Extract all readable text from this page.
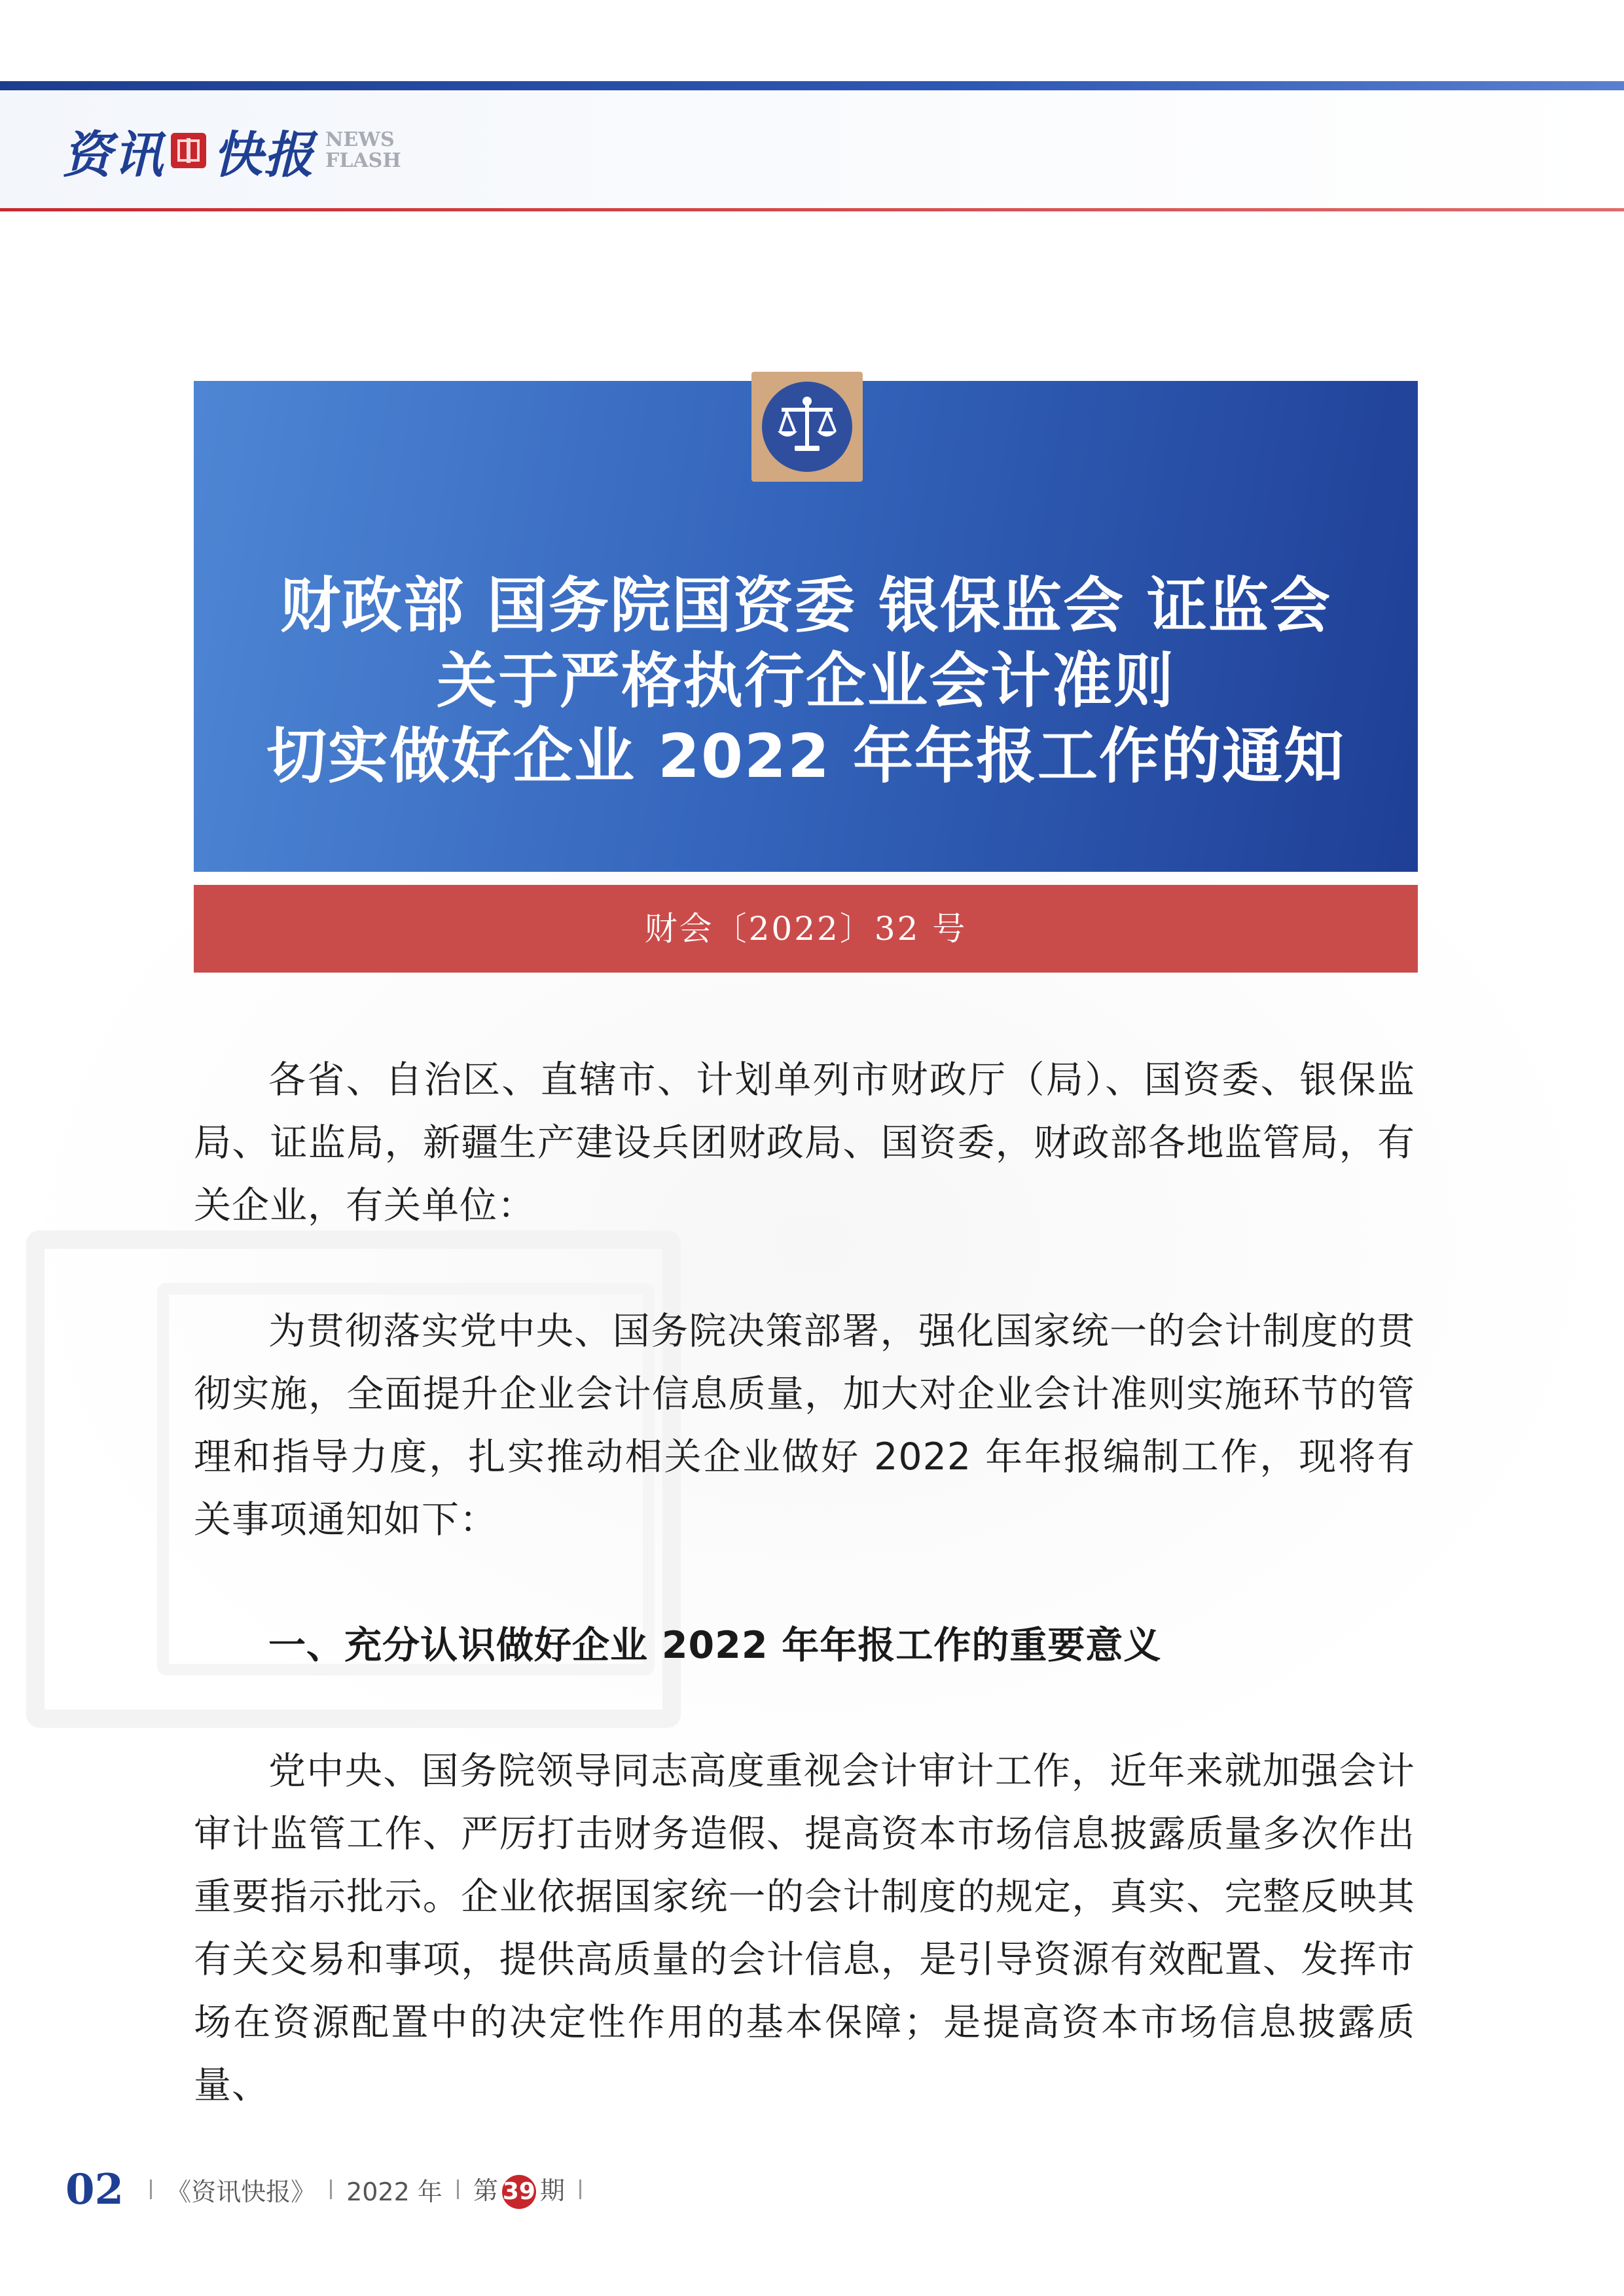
资讯 快报 NEWS
FLASH
财政部 国务院国资委 银保监会 证监会
关于严格执行企业会计准则
切实做好企业 2022 年年报工作的通知
财会〔2022〕32 号
各省、自治区、直辖市、计划单列市财政厅（局）、国资委、银保监局、证监局，新疆生产建设兵团财政局、国资委，财政部各地监管局，有关企业，有关单位：
为贯彻落实党中央、国务院决策部署，强化国家统一的会计制度的贯彻实施，全面提升企业会计信息质量，加大对企业会计准则实施环节的管理和指导力度，扎实推动相关企业做好 2022 年年报编制工作，现将有关事项通知如下：
一、充分认识做好企业 2022 年年报工作的重要意义
党中央、国务院领导同志高度重视会计审计工作，近年来就加强会计审计监管工作、严厉打击财务造假、提高资本市场信息披露质量多次作出重要指示批示。企业依据国家统一的会计制度的规定，真实、完整反映其有关交易和事项，提供高质量的会计信息，是引导资源有效配置、发挥市场在资源配置中的决定性作用的基本保障；是提高资本市场信息披露质量、
02 《资讯快报》 2022 年 第 39 期
